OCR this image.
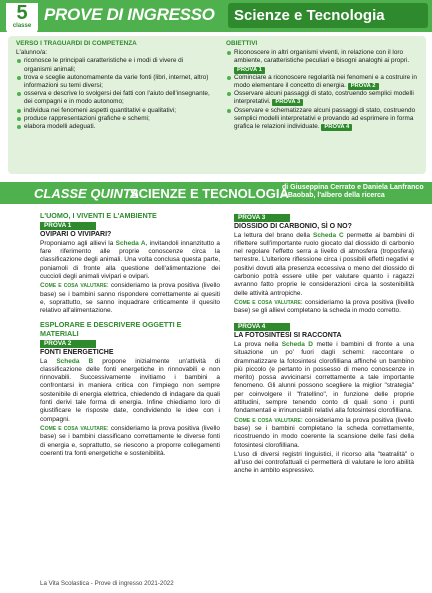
5
classe
PROVE DI INGRESSO	Scienze e Tecnologia
VERSO I TRAGUARDI DI COMPETENZA

L'alunno/a:

riconosce le principali caratteristiche e i modi di vivere di organismi animali;
trova e sceglie autonomamente da varie fonti (libri, internet, altro) informazioni su temi diversi;
osserva e descrive lo svolgersi dei fatti con l'aiuto dell'insegnante, dei compagni e in modo autonomo;
individua nei fenomeni aspetti quantitativi e qualitativi;
produce rappresentazioni grafiche e schemi;
elabora modelli adeguati.
OBIETTIVI
Riconoscere in altri organismi viventi, in relazione con il loro ambiente, caratteristiche peculiari e bisogni analoghi ai propri. PROVA 1
Cominciare a riconoscere regolarità nei fenomeni e a costruire in modo elementare il concetto di energia. PROVA 2
Osservare alcuni passaggi di stato, costruendo semplici modelli interpretativi. PROVA 3
Osservare e schematizzare alcuni passaggi di stato, costruendo semplici modelli interpretativi e provando ad esprimere in forma grafica le relazioni individuate. PROVA 4
CLASSE QUINTA
SCIENZE E TECNOLOGIA
di Giuseppina Cerrato e Daniela Lanfranco
Il Baobab, l'albero della ricerca
L'UOMO, I VIVENTI E L'AMBIENTE
PROVA 1
OVIPARI O VIVIPARI?

Proponiamo agli allievi la Scheda A, invitandoli innanzitutto a fare riferimento alle proprie conoscenze circa la classificazione degli animali. Una volta conclusa questa parte, poniamoli di fronte alla questione dell'alimentazione dei cuccioli degli animali vivipari e ovipari.

Come e cosa valutare: consideriamo la prova positiva (livello base) se i bambini sanno rispondere correttamente ai quesiti e, soprattutto, se sanno inquadrare criticamente il quesito relativo all'alimentazione.

ESPLORARE E DESCRIVERE OGGETTI E MATERIALI
PROVA 2
FONTI ENERGETICHE

La Scheda B propone inizialmente un'attività di classificazione delle fonti energetiche in rinnovabili e non rinnovabili. Successivamente invitiamo i bambini a confrontarsi in maniera critica con l'impiego non sempre sostenibile di energia elettrica, chiedendo di indagare da quali fonti derivi tale forma di energia. Infine chiediamo loro di giustificare le risposte date, condividendo le idee con i compagni.

Come e cosa valutare: consideriamo la prova positiva (livello base) se i bambini classificano correttamente le diverse fonti di energia e, soprattutto, se riescono a proporre collegamenti coerenti tra fonti energetiche e sostenibilità.

PROVA 3
DIOSSIDO DI CARBONIO, SÌ O NO?

La lettura del brano della Scheda C permette ai bambini di riflettere sull'importante ruolo giocato dal diossido di carbonio nel regolare l'effetto serra a livello di atmosfera (troposfera) terrestre. L'ulteriore riflessione circa i possibili effetti negativi e positivi dovuti alla presenza eccessiva o meno del diossido di carbonio potrà essere utile per valutare quanto i ragazzi avranno fatto proprie le considerazioni circa la sostenibilità delle attività antropiche.

Come e cosa valutare: consideriamo la prova positiva (livello base) se gli allievi completano la scheda in modo corretto.

PROVA 4
LA FOTOSINTESI SI RACCONTA

La prova nella Scheda D mette i bambini di fronte a una situazione un po' fuori dagli schemi: raccontare o drammatizzare la fotosintesi clorofilliana affinché un bambino più piccolo (e pertanto in possesso di meno conoscenze in merito) possa avvicinarsi correttamente a tale importante fenomeno. Gli alunni possono scegliere la miglior "strategia" per coinvolgere il "fratellino", in funzione delle proprie attitudini, sempre tenendo conto di quali sono i punti fondamentali e irrinunciabili relativi alla fotosintesi clorofilliana.

Come e cosa valutare: consideriamo la prova positiva (livello base) se i bambini completano la scheda correttamente, ricostruendo in modo coerente la scansione delle fasi della fotosintesi clorofilliana.

L'uso di diversi registri linguistici, il ricorso alla "teatralità" o all'uso dei controfattuali ci permetterà di valutare le loro abilità anche in ambito espressivo.

La Vita Scolastica - Prove di ingresso 2021-2022
